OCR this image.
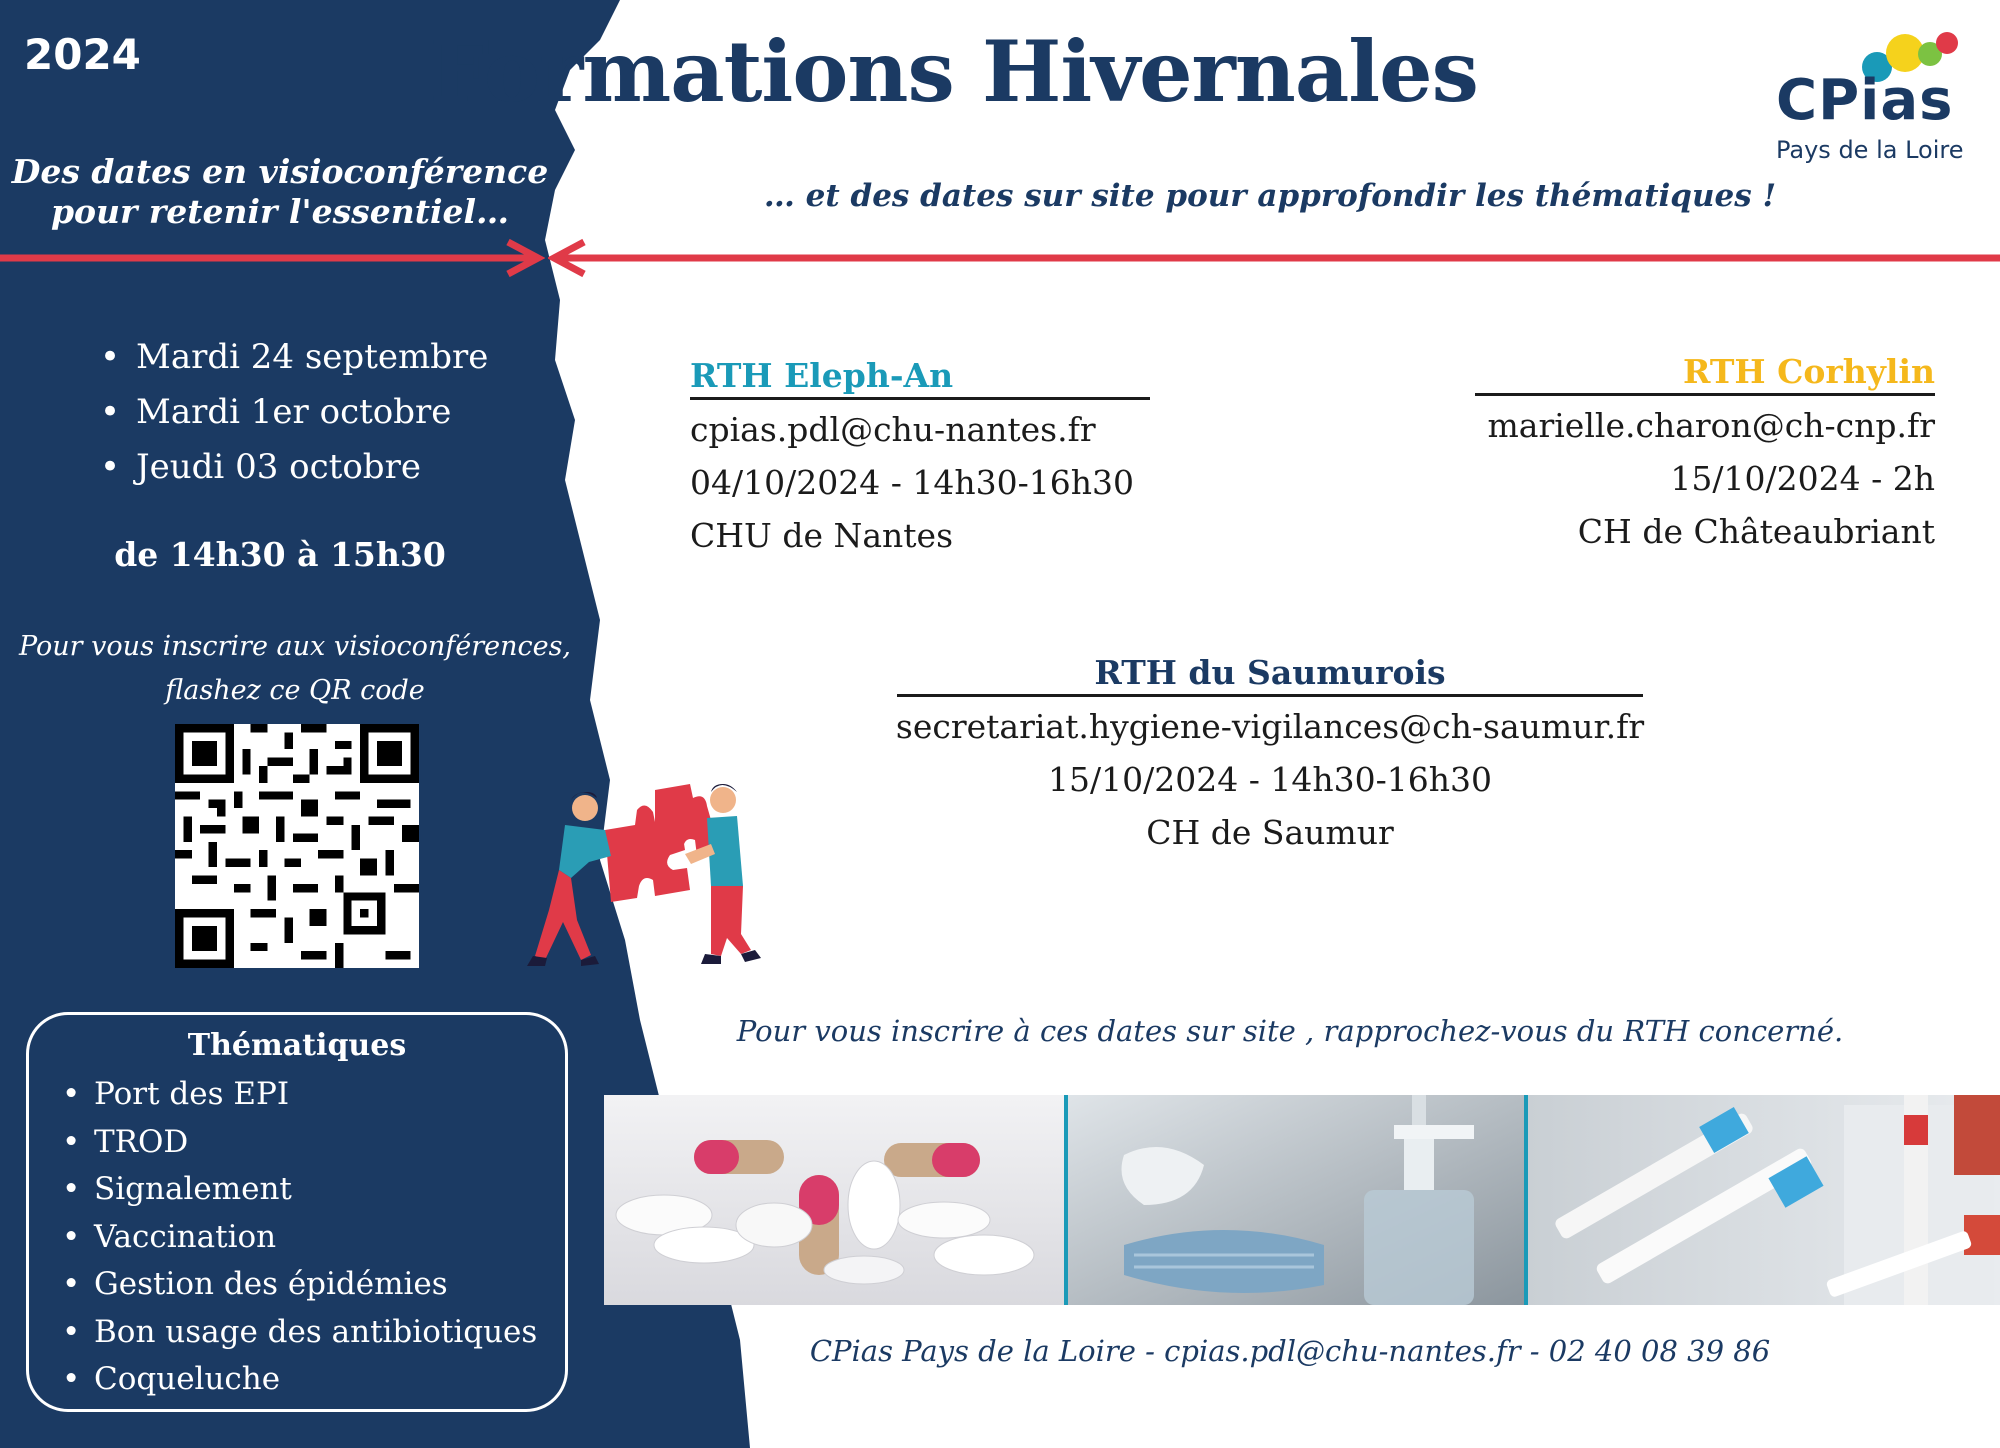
2024	Formations Hivernales	CPias
Pays de la Loire
Des dates en visioconférence
pour retenir l'essentiel…	… et des dates sur site pour approfondir les thématiques !
• Mardi 24 septembre
• Mardi 1er octobre
• Jeudi 03 octobre
de 14h30 à 15h30
Pour vous inscrire aux visioconférences,
flashez ce QR code
Thématiques
• Port des EPI
• TROD
• Signalement
• Vaccination
• Gestion des épidémies
• Bon usage des antibiotiques
• Coqueluche
RTH Eleph-An
cpias.pdl@chu-nantes.fr
04/10/2024 - 14h30-16h30
CHU de Nantes
RTH Corhylin
marielle.charon@ch-cnp.fr
15/10/2024 - 2h
CH de Châteaubriant
RTH du Saumurois
secretariat.hygiene-vigilances@ch-saumur.fr
15/10/2024 - 14h30-16h30
CH de Saumur
Pour vous inscrire à ces dates sur site , rapprochez-vous du RTH concerné.
CPias Pays de la Loire - cpias.pdl@chu-nantes.fr - 02 40 08 39 86
